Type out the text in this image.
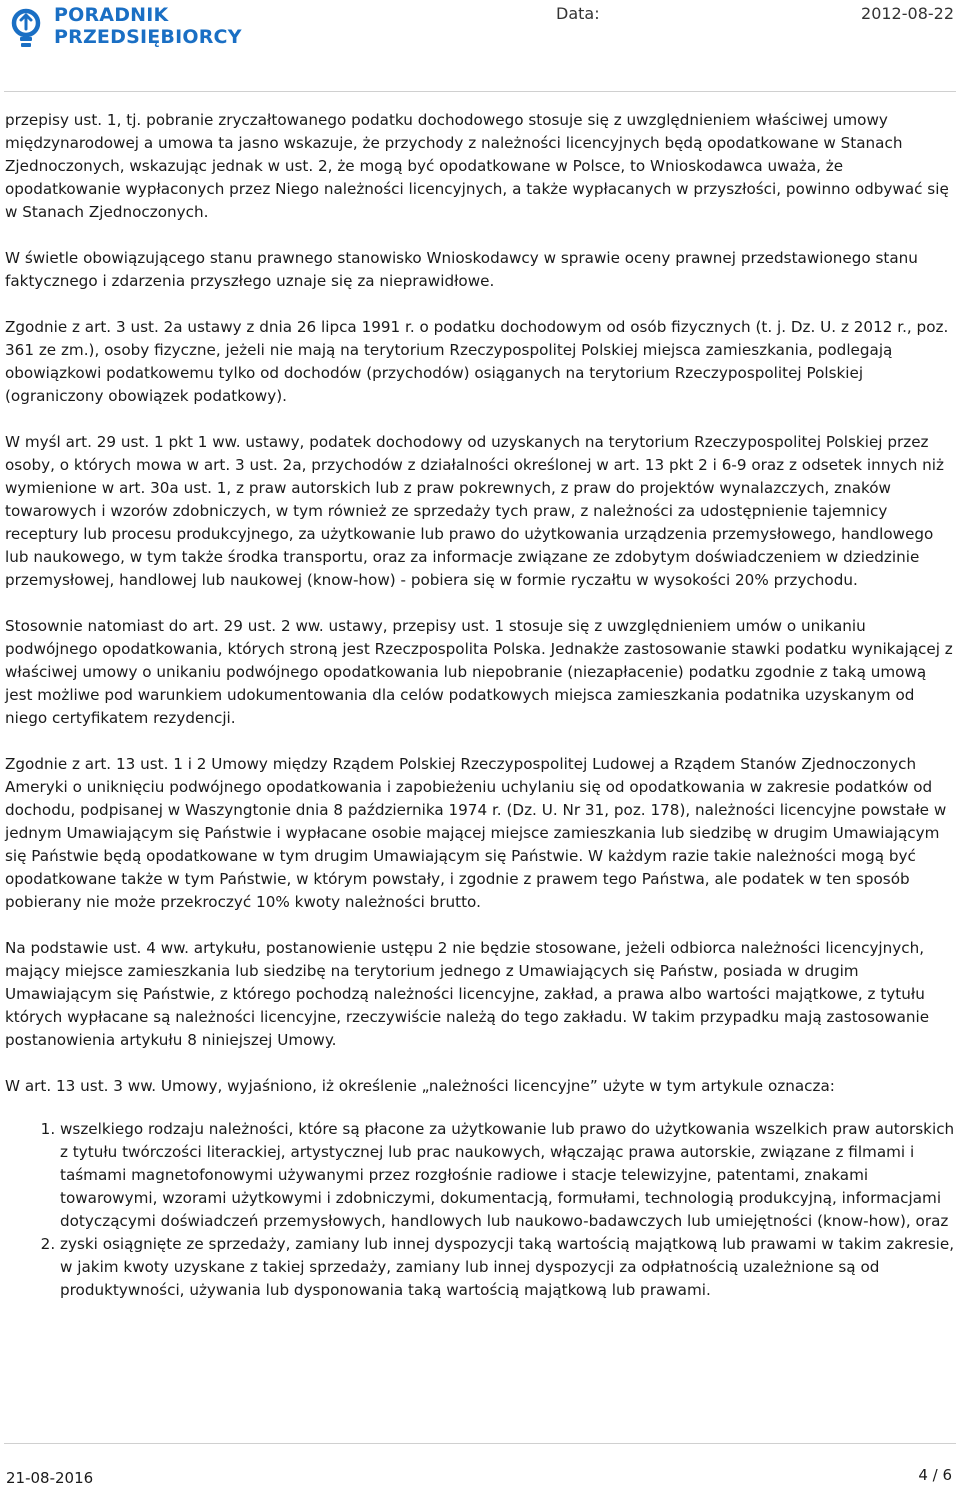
PORADNIK
PRZEDSIĘBIORCY
Data:	2012-08-22

przepisy ust. 1, tj. pobranie zryczałtowanego podatku dochodowego stosuje się z uwzględnieniem właściwej umowy międzynarodowej a umowa ta jasno wskazuje, że przychody z należności licencyjnych będą opodatkowane w Stanach Zjednoczonych, wskazując jednak w ust. 2, że mogą być opodatkowane w Polsce, to Wnioskodawca uważa, że opodatkowanie wypłaconych przez Niego należności licencyjnych, a także wypłacanych w przyszłości, powinno odbywać się w Stanach Zjednoczonych.

W świetle obowiązującego stanu prawnego stanowisko Wnioskodawcy w sprawie oceny prawnej przedstawionego stanu faktycznego i zdarzenia przyszłego uznaje się za nieprawidłowe.

Zgodnie z art. 3 ust. 2a ustawy z dnia 26 lipca 1991 r. o podatku dochodowym od osób fizycznych (t. j. Dz. U. z 2012 r., poz. 361 ze zm.), osoby fizyczne, jeżeli nie mają na terytorium Rzeczypospolitej Polskiej miejsca zamieszkania, podlegają obowiązkowi podatkowemu tylko od dochodów (przychodów) osiąganych na terytorium Rzeczypospolitej Polskiej (ograniczony obowiązek podatkowy).

W myśl art. 29 ust. 1 pkt 1 ww. ustawy, podatek dochodowy od uzyskanych na terytorium Rzeczypospolitej Polskiej przez osoby, o których mowa w art. 3 ust. 2a, przychodów z działalności określonej w art. 13 pkt 2 i 6-9 oraz z odsetek innych niż wymienione w art. 30a ust. 1, z praw autorskich lub z praw pokrewnych, z praw do projektów wynalazczych, znaków towarowych i wzorów zdobniczych, w tym również ze sprzedaży tych praw, z należności za udostępnienie tajemnicy receptury lub procesu produkcyjnego, za użytkowanie lub prawo do użytkowania urządzenia przemysłowego, handlowego lub naukowego, w tym także środka transportu, oraz za informacje związane ze zdobytym doświadczeniem w dziedzinie przemysłowej, handlowej lub naukowej (know-how) - pobiera się w formie ryczałtu w wysokości 20% przychodu.

Stosownie natomiast do art. 29 ust. 2 ww. ustawy, przepisy ust. 1 stosuje się z uwzględnieniem umów o unikaniu podwójnego opodatkowania, których stroną jest Rzeczpospolita Polska. Jednakże zastosowanie stawki podatku wynikającej z właściwej umowy o unikaniu podwójnego opodatkowania lub niepobranie (niezapłacenie) podatku zgodnie z taką umową jest możliwe pod warunkiem udokumentowania dla celów podatkowych miejsca zamieszkania podatnika uzyskanym od niego certyfikatem rezydencji.

Zgodnie z art. 13 ust. 1 i 2 Umowy między Rządem Polskiej Rzeczypospolitej Ludowej a Rządem Stanów Zjednoczonych Ameryki o uniknięciu podwójnego opodatkowania i zapobieżeniu uchylaniu się od opodatkowania w zakresie podatków od dochodu, podpisanej w Waszyngtonie dnia 8 października 1974 r. (Dz. U. Nr 31, poz. 178), należności licencyjne powstałe w jednym Umawiającym się Państwie i wypłacane osobie mającej miejsce zamieszkania lub siedzibę w drugim Umawiającym się Państwie będą opodatkowane w tym drugim Umawiającym się Państwie. W każdym razie takie należności mogą być opodatkowane także w tym Państwie, w którym powstały, i zgodnie z prawem tego Państwa, ale podatek w ten sposób pobierany nie może przekroczyć 10% kwoty należności brutto.

Na podstawie ust. 4 ww. artykułu, postanowienie ustępu 2 nie będzie stosowane, jeżeli odbiorca należności licencyjnych, mający miejsce zamieszkania lub siedzibę na terytorium jednego z Umawiających się Państw, posiada w drugim Umawiającym się Państwie, z którego pochodzą należności licencyjne, zakład, a prawa albo wartości majątkowe, z tytułu których wypłacane są należności licencyjne, rzeczywiście należą do tego zakładu. W takim przypadku mają zastosowanie postanowienia artykułu 8 niniejszej Umowy.

W art. 13 ust. 3 ww. Umowy, wyjaśniono, iż określenie „należności licencyjne” użyte w tym artykule oznacza:

1. wszelkiego rodzaju należności, które są płacone za użytkowanie lub prawo do użytkowania wszelkich praw autorskich z tytułu twórczości literackiej, artystycznej lub prac naukowych, włączając prawa autorskie, związane z filmami i taśmami magnetofonowymi używanymi przez rozgłośnie radiowe i stacje telewizyjne, patentami, znakami towarowymi, wzorami użytkowymi i zdobniczymi, dokumentacją, formułami, technologią produkcyjną, informacjami dotyczącymi doświadczeń przemysłowych, handlowych lub naukowo-badawczych lub umiejętności (know-how), oraz
2. zyski osiągnięte ze sprzedaży, zamiany lub innej dyspozycji taką wartością majątkową lub prawami w takim zakresie, w jakim kwoty uzyskane z takiej sprzedaży, zamiany lub innej dyspozycji za odpłatnością uzależnione są od produktywności, używania lub dysponowania taką wartością majątkową lub prawami.
21-08-2016	4 / 6
